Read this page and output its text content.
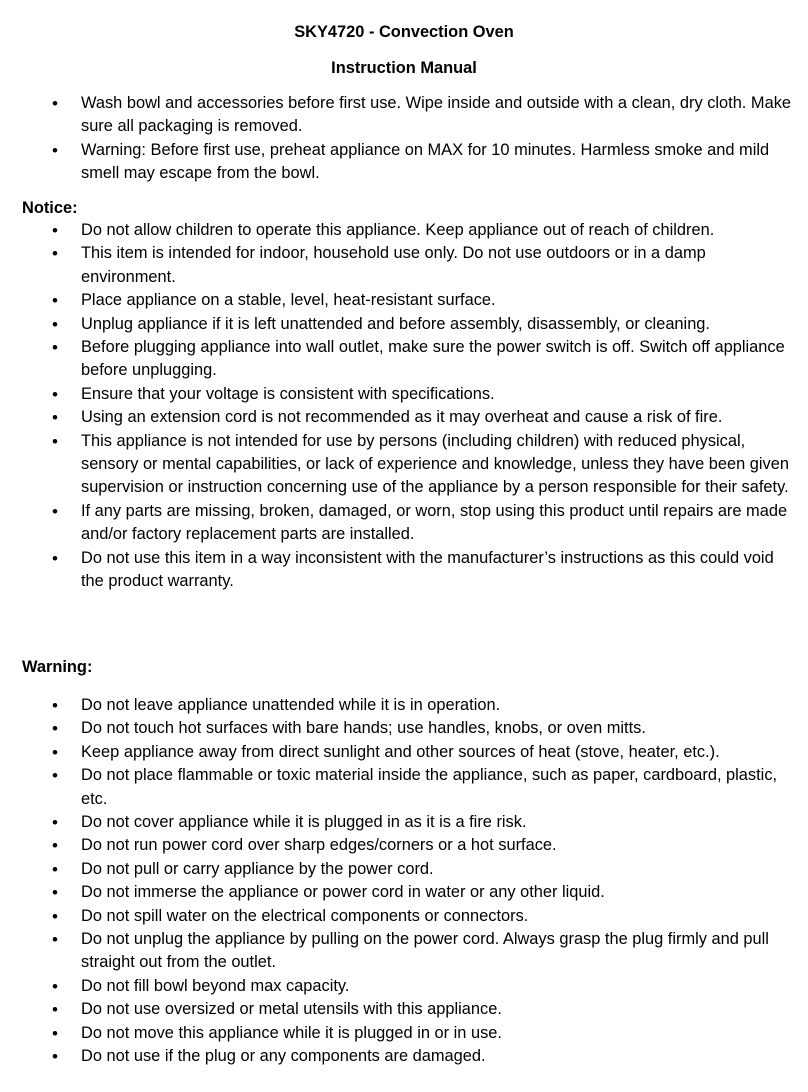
SKY4720 - Convection Oven
Instruction Manual
• Wash bowl and accessories before first use. Wipe inside and outside with a clean, dry cloth. Make sure all packaging is removed.
• Warning: Before first use, preheat appliance on MAX for 10 minutes. Harmless smoke and mild smell may escape from the bowl.
Notice:
• Do not allow children to operate this appliance. Keep appliance out of reach of children.
• This item is intended for indoor, household use only. Do not use outdoors or in a damp environment.
• Place appliance on a stable, level, heat-resistant surface.
• Unplug appliance if it is left unattended and before assembly, disassembly, or cleaning.
• Before plugging appliance into wall outlet, make sure the power switch is off. Switch off appliance before unplugging.
• Ensure that your voltage is consistent with specifications.
• Using an extension cord is not recommended as it may overheat and cause a risk of fire.
• This appliance is not intended for use by persons (including children) with reduced physical, sensory or mental capabilities, or lack of experience and knowledge, unless they have been given supervision or instruction concerning use of the appliance by a person responsible for their safety.
• If any parts are missing, broken, damaged, or worn, stop using this product until repairs are made and/or factory replacement parts are installed.
• Do not use this item in a way inconsistent with the manufacturer’s instructions as this could void the product warranty.
Warning:
• Do not leave appliance unattended while it is in operation.
• Do not touch hot surfaces with bare hands; use handles, knobs, or oven mitts.
• Keep appliance away from direct sunlight and other sources of heat (stove, heater, etc.).
• Do not place flammable or toxic material inside the appliance, such as paper, cardboard, plastic, etc.
• Do not cover appliance while it is plugged in as it is a fire risk.
• Do not run power cord over sharp edges/corners or a hot surface.
• Do not pull or carry appliance by the power cord.
• Do not immerse the appliance or power cord in water or any other liquid.
• Do not spill water on the electrical components or connectors.
• Do not unplug the appliance by pulling on the power cord. Always grasp the plug firmly and pull straight out from the outlet.
• Do not fill bowl beyond max capacity.
• Do not use oversized or metal utensils with this appliance.
• Do not move this appliance while it is plugged in or in use.
• Do not use if the plug or any components are damaged.
